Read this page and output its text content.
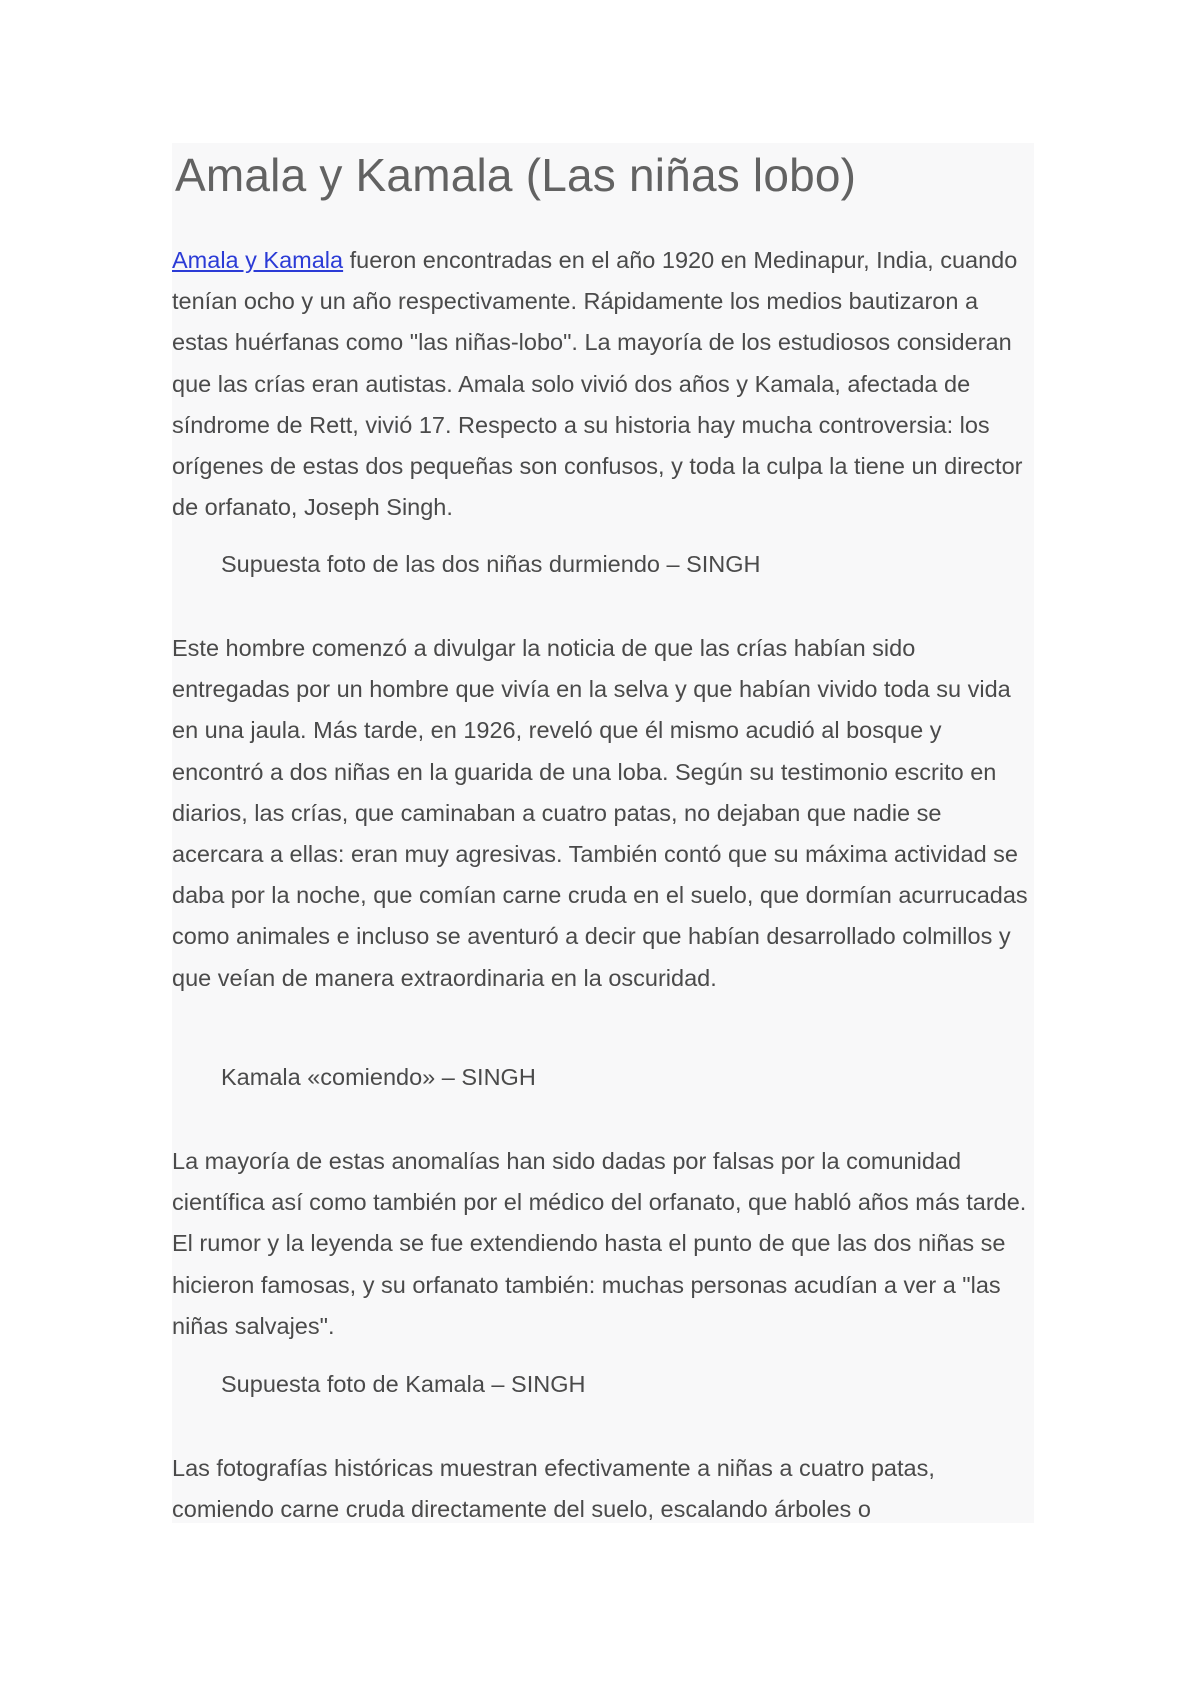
Amala y Kamala (Las niñas lobo)

Amala y Kamala fueron encontradas en el año 1920 en Medinapur, India, cuando tenían ocho y un año respectivamente. Rápidamente los medios bautizaron a estas huérfanas como "las niñas-lobo". La mayoría de los estudiosos consideran que las crías eran autistas. Amala solo vivió dos años y Kamala, afectada de síndrome de Rett, vivió 17. Respecto a su historia hay mucha controversia: los orígenes de estas dos pequeñas son confusos, y toda la culpa la tiene un director de orfanato, Joseph Singh.

Supuesta foto de las dos niñas durmiendo – SINGH

Este hombre comenzó a divulgar la noticia de que las crías habían sido entregadas por un hombre que vivía en la selva y que habían vivido toda su vida en una jaula. Más tarde, en 1926, reveló que él mismo acudió al bosque y encontró a dos niñas en la guarida de una loba. Según su testimonio escrito en diarios, las crías, que caminaban a cuatro patas, no dejaban que nadie se acercara a ellas: eran muy agresivas. También contó que su máxima actividad se daba por la noche, que comían carne cruda en el suelo, que dormían acurrucadas como animales e incluso se aventuró a decir que habían desarrollado colmillos y que veían de manera extraordinaria en la oscuridad.

Kamala «comiendo» – SINGH

La mayoría de estas anomalías han sido dadas por falsas por la comunidad científica así como también por el médico del orfanato, que habló años más tarde. El rumor y la leyenda se fue extendiendo hasta el punto de que las dos niñas se hicieron famosas, y su orfanato también: muchas personas acudían a ver a "las niñas salvajes".

Supuesta foto de Kamala – SINGH

Las fotografías históricas muestran efectivamente a niñas a cuatro patas, comiendo carne cruda directamente del suelo, escalando árboles o
